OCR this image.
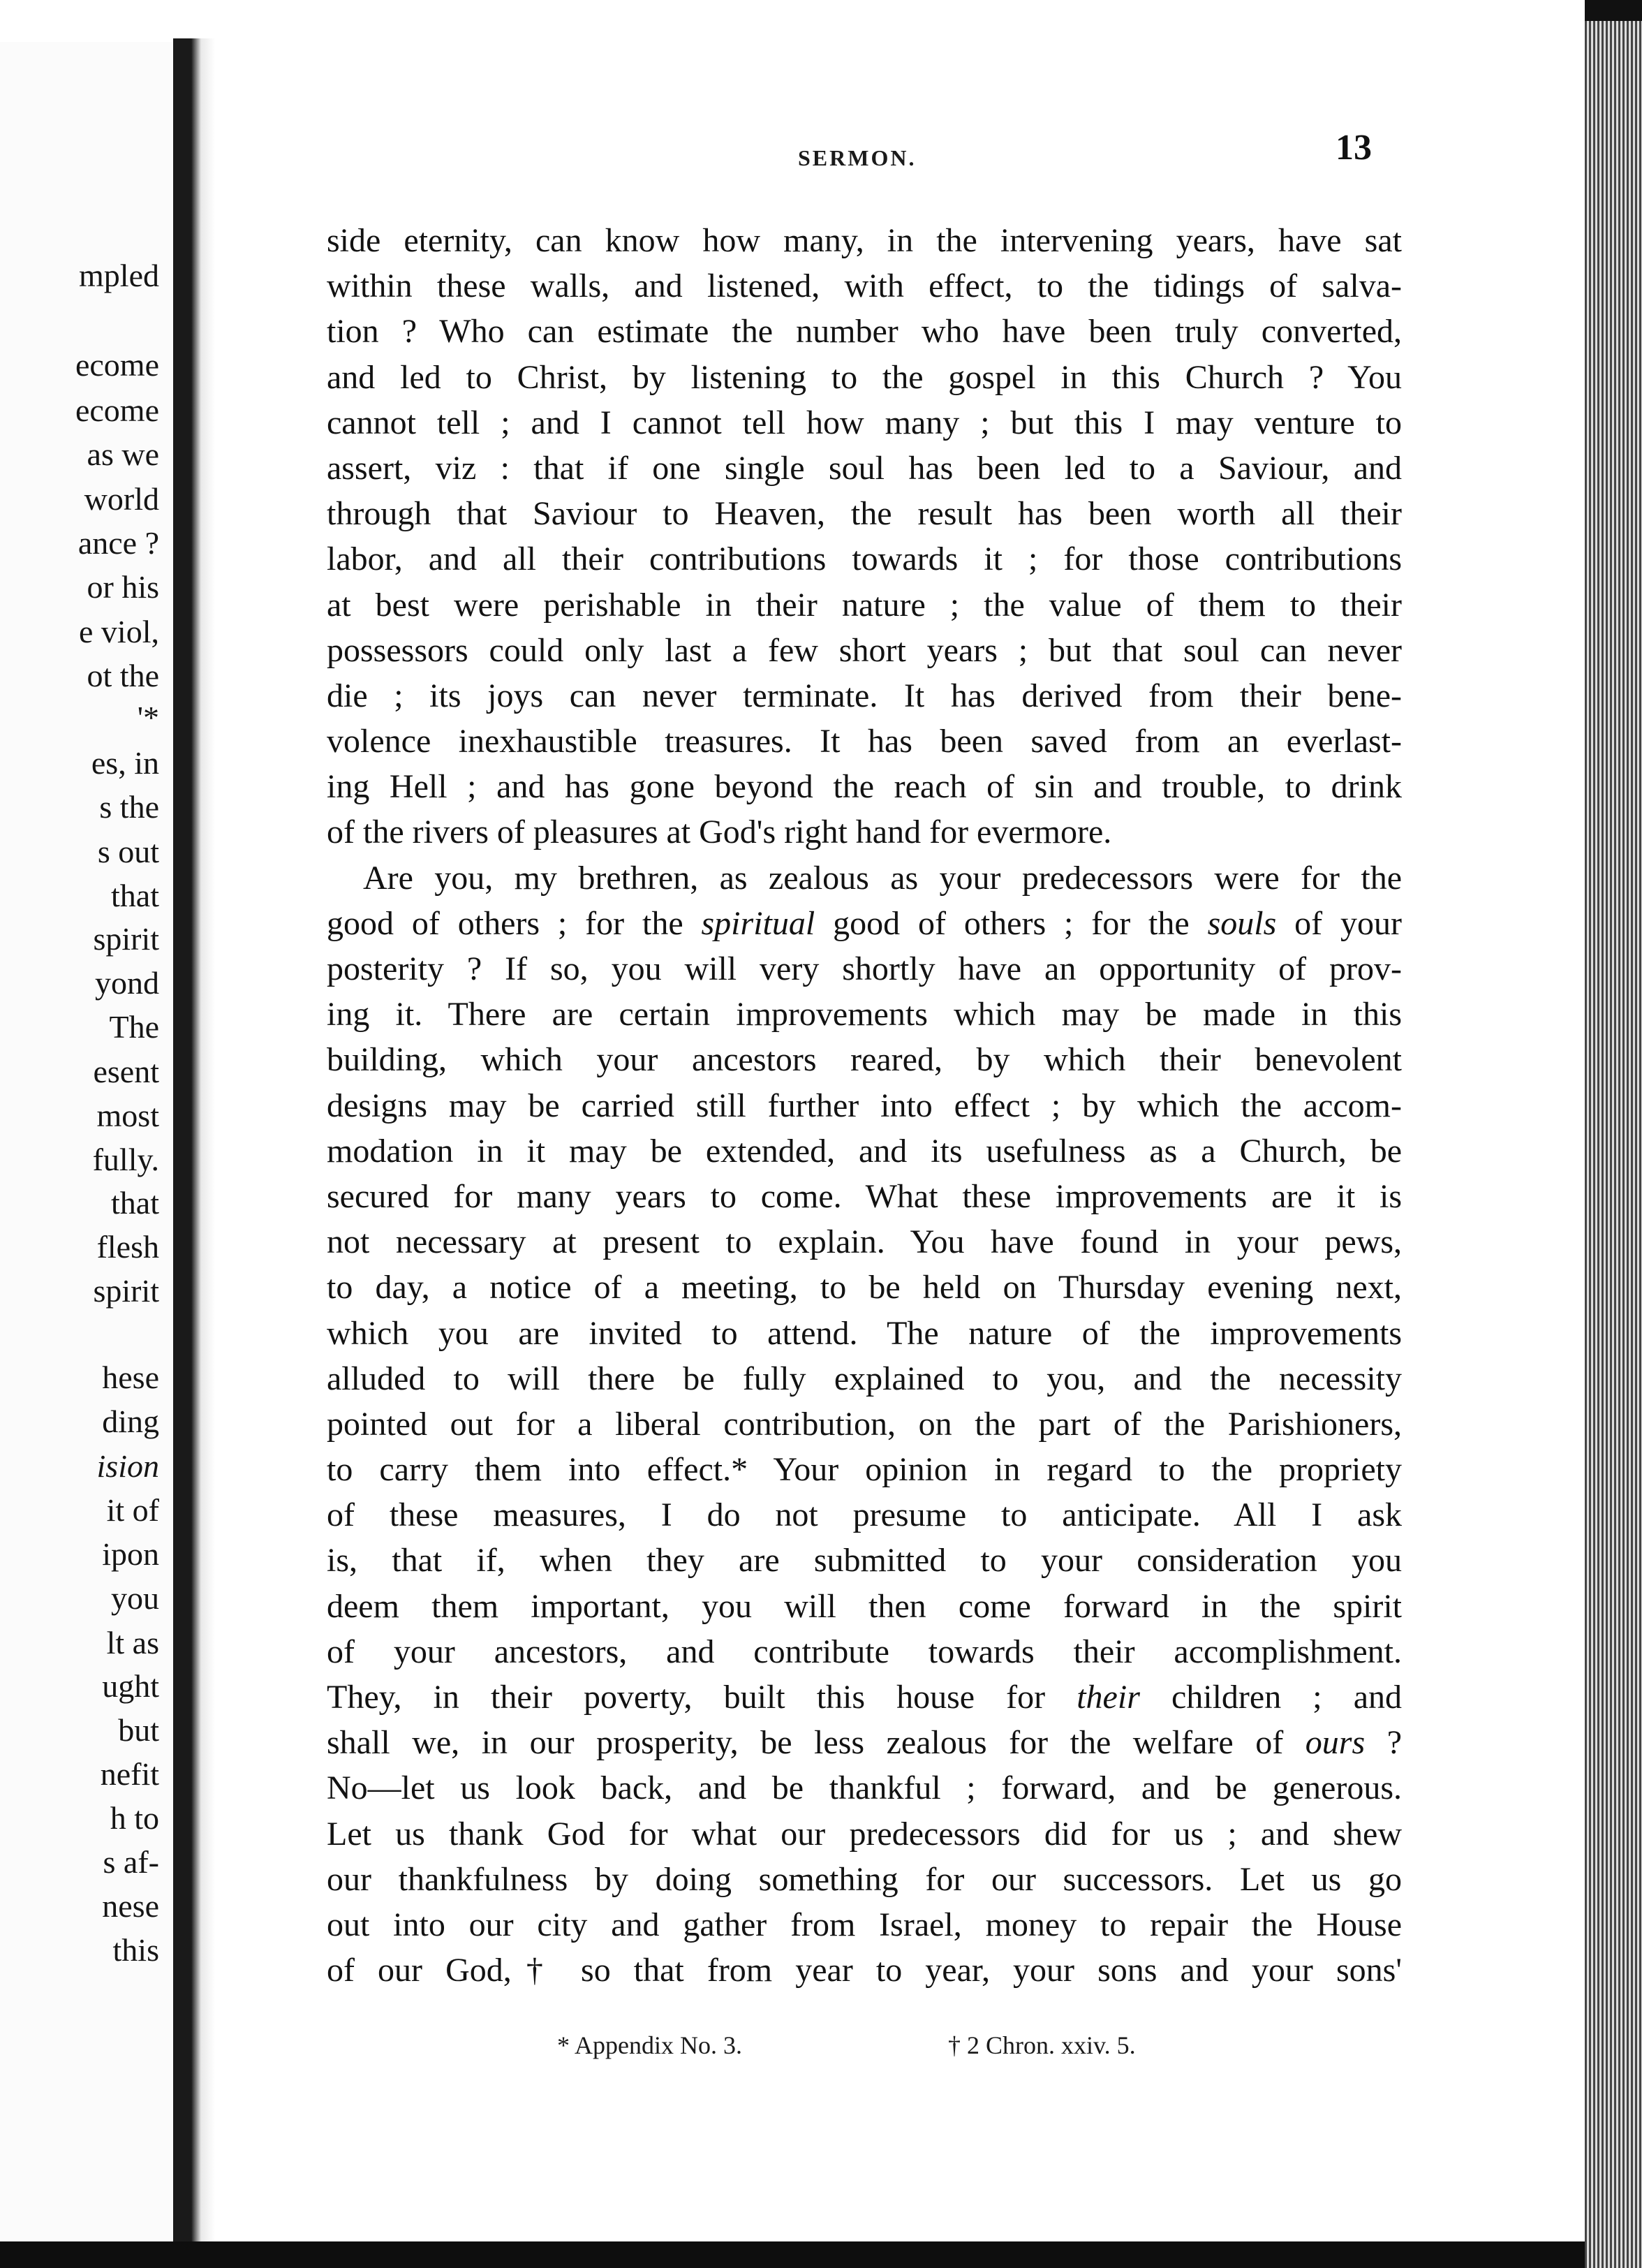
mpled
ecome
ecome
as we
world
ance ?
or his
e viol,
ot the
'*
es, in
s the
s out
that
spirit
yond
The
esent
most
fully.
that
flesh
spirit
hese
ding
ision
it of
ipon
you
lt as
ught
but
nefit
h to
s af-
nese
this
SERMON.	13
side eternity, can know how many, in the intervening years, have sat
within these walls, and listened, with effect, to the tidings of salva-
tion ? Who can estimate the number who have been truly converted,
and led to Christ, by listening to the gospel in this Church ? You
cannot tell ; and I cannot tell how many ; but this I may venture to
assert, viz : that if one single soul has been led to a Saviour, and
through that Saviour to Heaven, the result has been worth all their
labor, and all their contributions towards it ; for those contributions
at best were perishable in their nature ; the value of them to their
possessors could only last a few short years ; but that soul can never
die ; its joys can never terminate. It has derived from their bene-
volence inexhaustible treasures. It has been saved from an everlast-
ing Hell ; and has gone beyond the reach of sin and trouble, to drink
of the rivers of pleasures at God's right hand for evermore.
Are you, my brethren, as zealous as your predecessors were for the
good of others ; for the spiritual good of others ; for the souls of your
posterity ? If so, you will very shortly have an opportunity of prov-
ing it. There are certain improvements which may be made in this
building, which your ancestors reared, by which their benevolent
designs may be carried still further into effect ; by which the accom-
modation in it may be extended, and its usefulness as a Church, be
secured for many years to come. What these improvements are it is
not necessary at present to explain. You have found in your pews,
to day, a notice of a meeting, to be held on Thursday evening next,
which you are invited to attend. The nature of the improvements
alluded to will there be fully explained to you, and the necessity
pointed out for a liberal contribution, on the part of the Parishioners,
to carry them into effect.* Your opinion in regard to the propriety
of these measures, I do not presume to anticipate. All I ask
is, that if, when they are submitted to your consideration you
deem them important, you will then come forward in the spirit
of your ancestors, and contribute towards their accomplishment.
They, in their poverty, built this house for their children ; and
shall we, in our prosperity, be less zealous for the welfare of ours ?
No—let us look back, and be thankful ; forward, and be generous.
Let us thank God for what our predecessors did for us ; and shew
our thankfulness by doing something for our successors. Let us go
out into our city and gather from Israel, money to repair the House
of our God,† so that from year to year, your sons and your sons'
* Appendix No. 3.	† 2 Chron. xxiv. 5.
